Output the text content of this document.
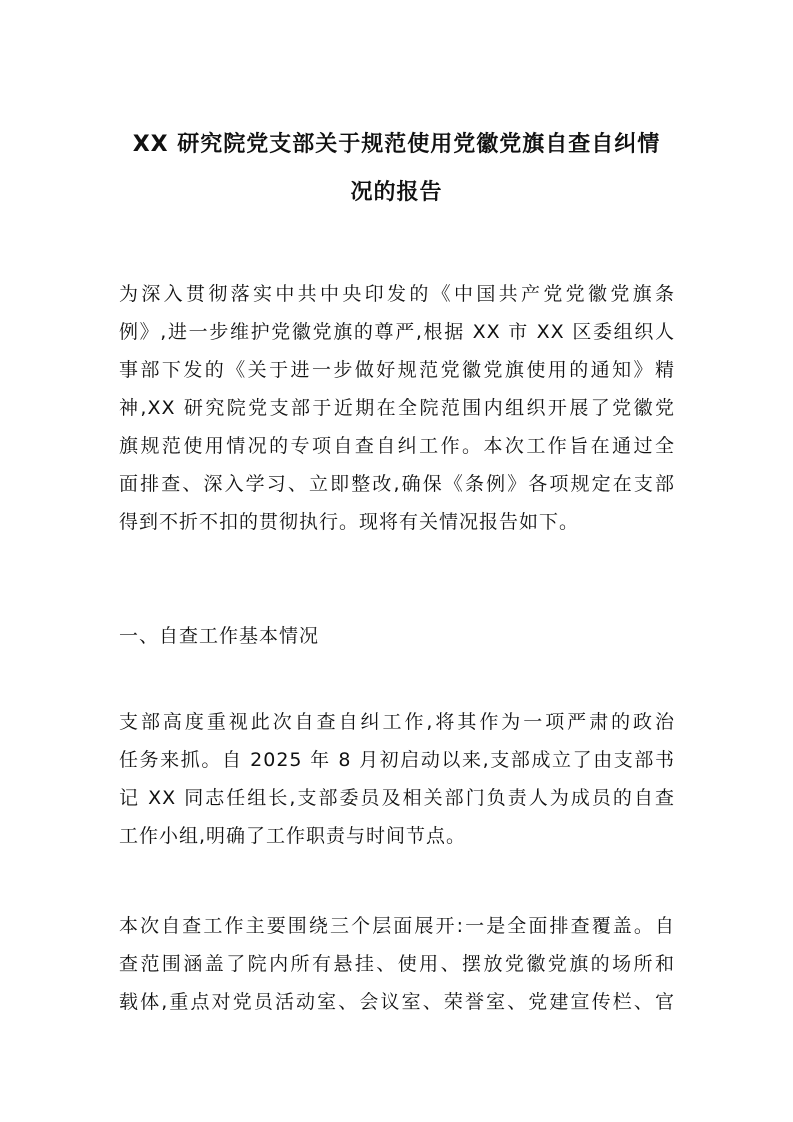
XX 研究院党支部关于规范使用党徽党旗自查自纠情
况的报告
为深入贯彻落实中共中央印发的《中国共产党党徽党旗条
例》,进一步维护党徽党旗的尊严,根据 XX 市 XX 区委组织人
事部下发的《关于进一步做好规范党徽党旗使用的通知》精
神,XX 研究院党支部于近期在全院范围内组织开展了党徽党
旗规范使用情况的专项自查自纠工作。本次工作旨在通过全
面排查、深入学习、立即整改,确保《条例》各项规定在支部
得到不折不扣的贯彻执行。现将有关情况报告如下。
一、自查工作基本情况
支部高度重视此次自查自纠工作,将其作为一项严肃的政治
任务来抓。自 2025 年 8 月初启动以来,支部成立了由支部书
记 XX 同志任组长,支部委员及相关部门负责人为成员的自查
工作小组,明确了工作职责与时间节点。
本次自查工作主要围绕三个层面展开:一是全面排查覆盖。自
查范围涵盖了院内所有悬挂、使用、摆放党徽党旗的场所和
载体,重点对党员活动室、会议室、荣誉室、党建宣传栏、官
